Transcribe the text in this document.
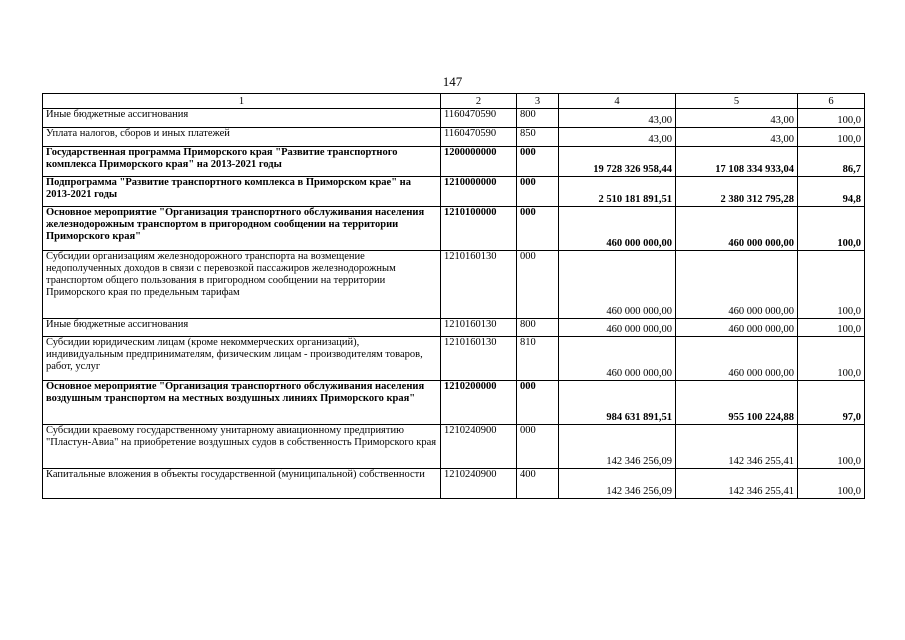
147
1	2	3	4	5	6
Иные бюджетные ассигнования	1160470590	800	43,00	43,00	100,0
Уплата налогов, сборов и иных платежей	1160470590	850	43,00	43,00	100,0
Государственная программа Приморского края "Развитие транспортного комплекса Приморского края" на 2013-2021 годы	1200000000	000	19 728 326 958,44	17 108 334 933,04	86,7
Подпрограмма "Развитие транспортного комплекса в Приморском крае" на 2013-2021 годы	1210000000	000	2 510 181 891,51	2 380 312 795,28	94,8
Основное мероприятие "Организация транспортного обслуживания населения железнодорожным транспортом в пригородном сообщении на территории Приморского края"	1210100000	000	460 000 000,00	460 000 000,00	100,0
Субсидии организациям железнодорожного транспорта на возмещение недополученных доходов в связи с перевозкой пассажиров железнодорожным транспортом общего пользования в пригородном сообщении на территории Приморского края по предельным тарифам	1210160130	000	460 000 000,00	460 000 000,00	100,0
Иные бюджетные ассигнования	1210160130	800	460 000 000,00	460 000 000,00	100,0
Субсидии юридическим лицам (кроме некоммерческих организаций), индивидуальным предпринимателям, физическим лицам - производителям товаров, работ, услуг	1210160130	810	460 000 000,00	460 000 000,00	100,0
Основное мероприятие "Организация транспортного обслуживания населения воздушным транспортом на местных воздушных линиях Приморского края"	1210200000	000	984 631 891,51	955 100 224,88	97,0
Субсидии краевому государственному унитарному авиационному предприятию "Пластун-Авиа" на приобретение воздушных судов в собственность Приморского края	1210240900	000	142 346 256,09	142 346 255,41	100,0
Капитальные вложения в объекты государственной (муниципальной) собственности	1210240900	400	142 346 256,09	142 346 255,41	100,0
